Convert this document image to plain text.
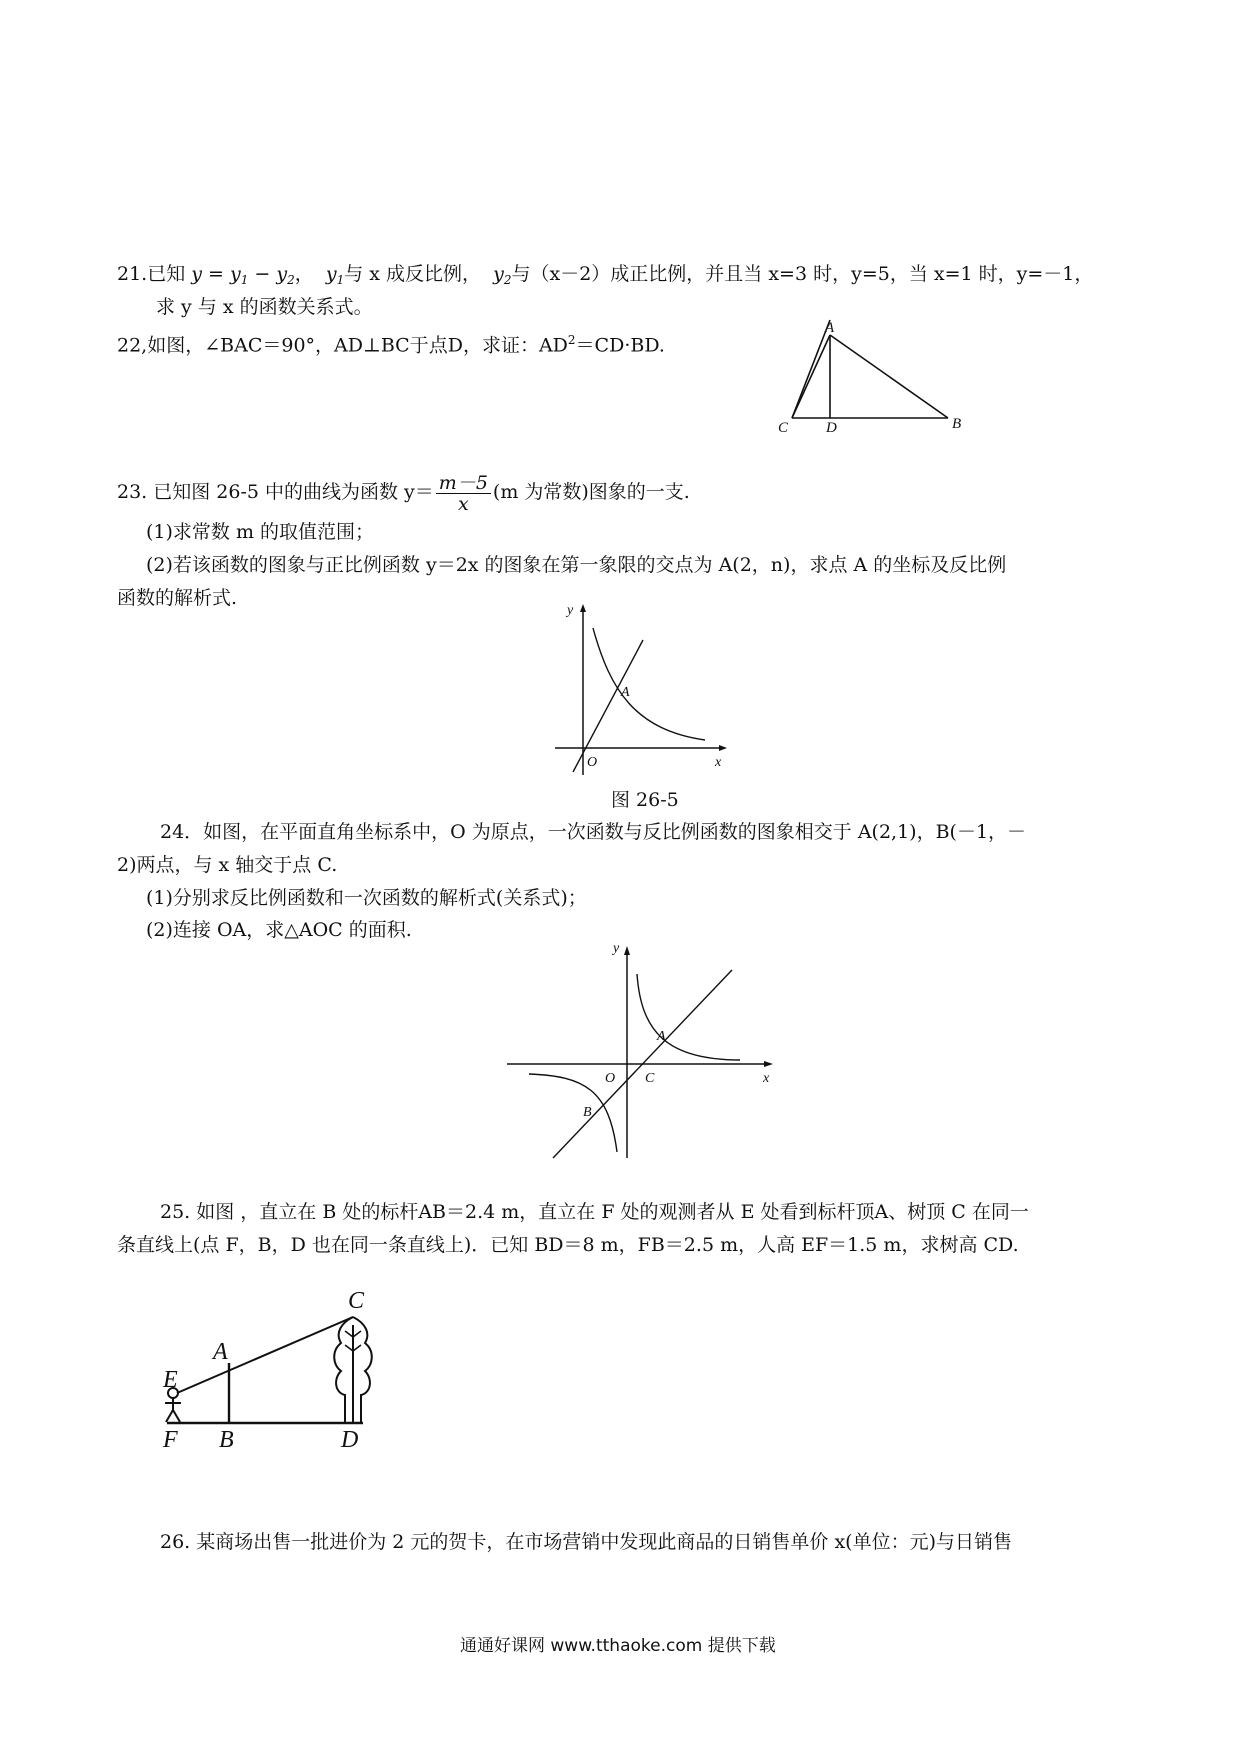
21.已知 $y = y_1 - y_2$，  $y_1$与 x 成反比例，  $y_2$与（x－2）成正比例，并且当 x=3 时，y=5，当 x=1 时，y=－1，
求 y 与 x 的函数关系式。
22,如图，∠BAC＝90°，AD⊥BC于点D，求证：$AD^2=CD\cdot BD$.
A
C	D	B
23. 已知图 26-5 中的曲线为函数 $y= \frac{m-5}{x} (m$ 为常数)图象的一支.
(1)求常数 m 的取值范围；
(2)若该函数的图象与正比例函数 y＝2x 的图象在第一象限的交点为 A(2，n)，求点 A 的坐标及反比例
函数的解析式.
y
x
O
A
图 26-5
24．如图，在平面直角坐标系中，O 为原点，一次函数与反比例函数的图象相交于 A(2,1)，B(－1，－
2)两点，与 x 轴交于点 C.
(1)分别求反比例函数和一次函数的解析式(关系式)；
(2)连接 OA，求△AOC 的面积.
y
x
O C
A
B
25. 如图 ，直立在 B 处的标杆AB＝2.4 m，直立在 F 处的观测者从 E 处看到标杆顶A、树顶 C 在同一
条直线上(点 F，B，D 也在同一条直线上)．已知 BD＝8 m，FB＝2.5 m，人高 EF＝1.5 m，求树高 CD.
C
A
E
F B	D
26. 某商场出售一批进价为 2 元的贺卡，在市场营销中发现此商品的日销售单价 x(单位：元)与日销售
通通好课网 www.tthaoke.com 提供下载
